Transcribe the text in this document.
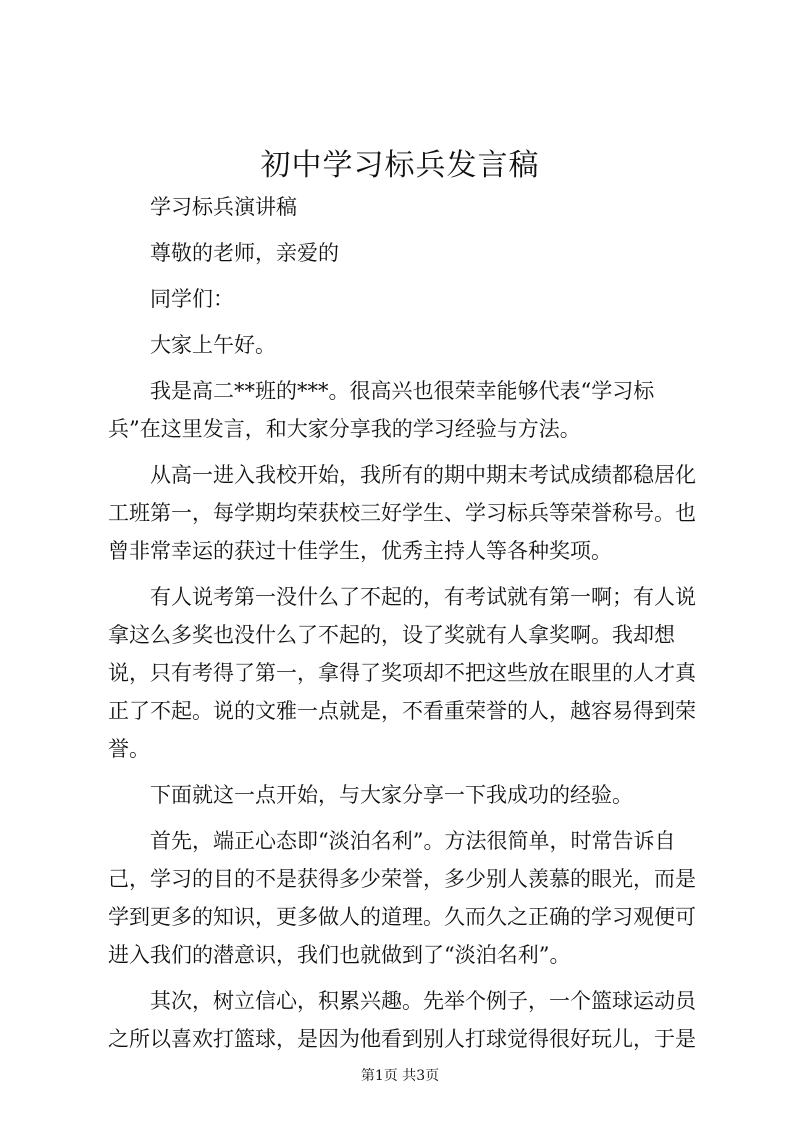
初中学习标兵发言稿

学习标兵演讲稿

尊敬的老师，亲爱的

同学们：

大家上午好。

我是高二**班的***。很高兴也很荣幸能够代表“学习标兵”在这里发言，和大家分享我的学习经验与方法。

从高一进入我校开始，我所有的期中期末考试成绩都稳居化工班第一，每学期均荣获校三好学生、学习标兵等荣誉称号。也曾非常幸运的获过十佳学生，优秀主持人等各种奖项。

有人说考第一没什么了不起的，有考试就有第一啊；有人说拿这么多奖也没什么了不起的，设了奖就有人拿奖啊。我却想说，只有考得了第一，拿得了奖项却不把这些放在眼里的人才真正了不起。说的文雅一点就是，不看重荣誉的人，越容易得到荣誉。

下面就这一点开始，与大家分享一下我成功的经验。

首先，端正心态即“淡泊名利”。方法很简单，时常告诉自己，学习的目的不是获得多少荣誉，多少别人羡慕的眼光，而是学到更多的知识，更多做人的道理。久而久之正确的学习观便可进入我们的潜意识，我们也就做到了“淡泊名利”。

其次，树立信心，积累兴趣。先举个例子，一个篮球运动员之所以喜欢打篮球，是因为他看到别人打球觉得很好玩儿，于是

第1页 共3页
